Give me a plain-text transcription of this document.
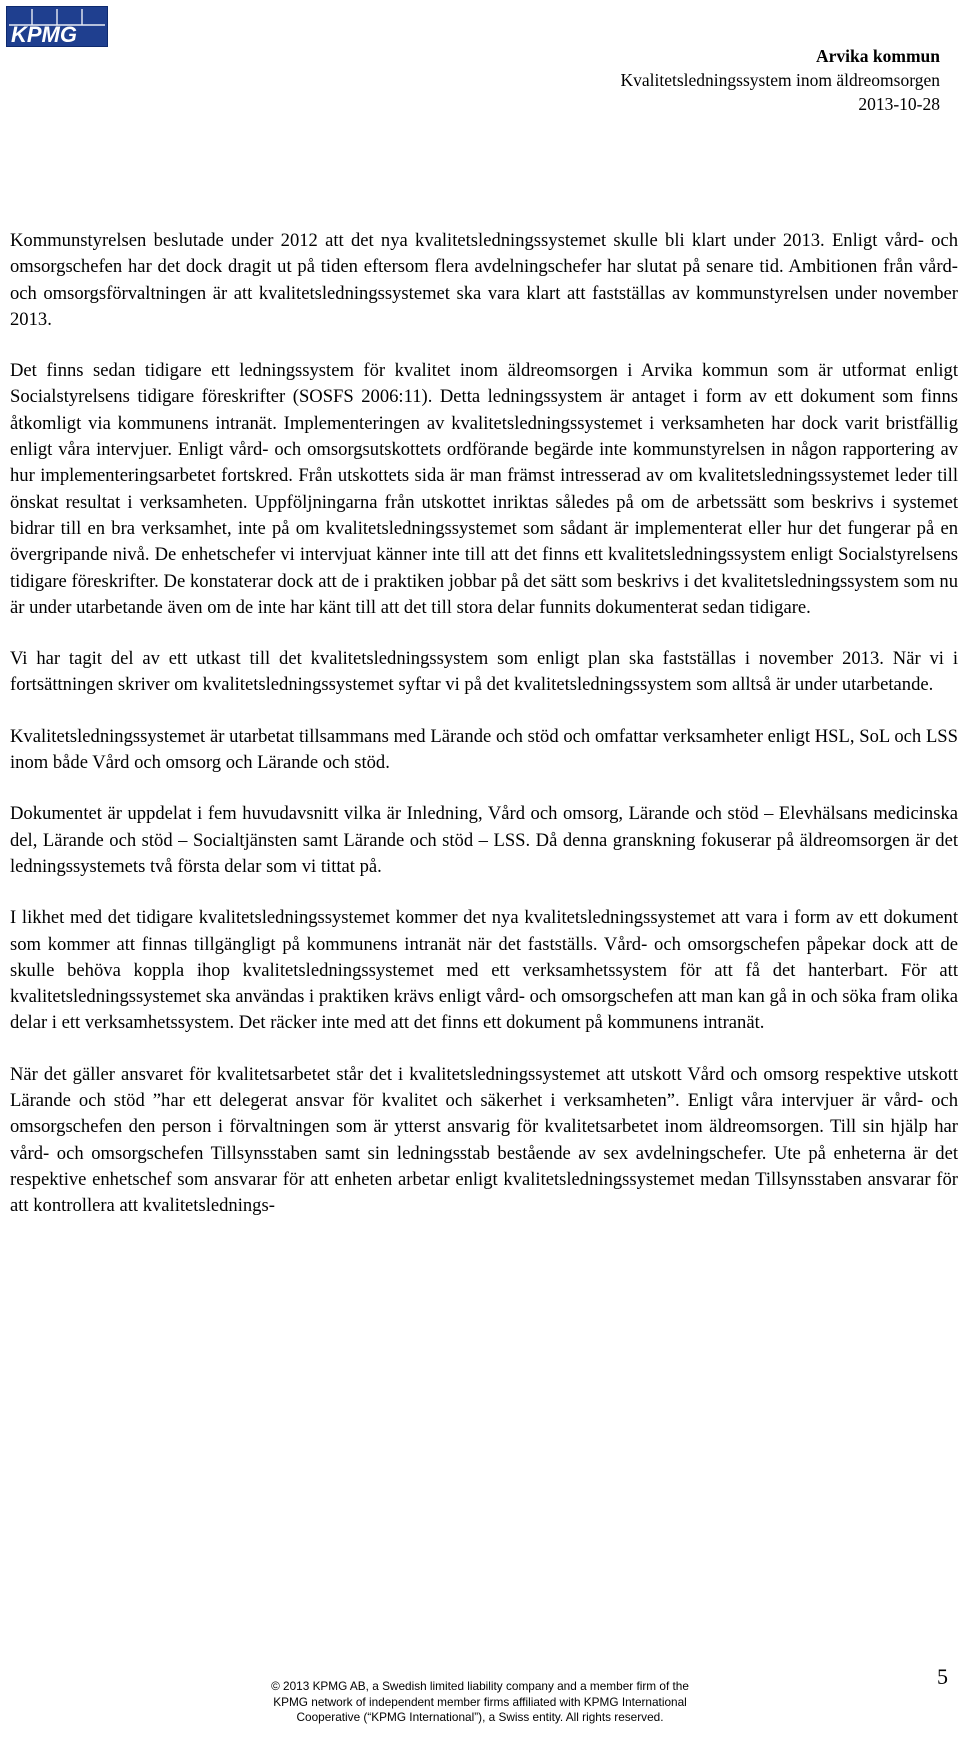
KPMG
Arvika kommun
Kvalitetsledningssystem inom äldreomsorgen
2013-10-28

Kommunstyrelsen beslutade under 2012 att det nya kvalitetsledningssystemet skulle bli klart under 2013. Enligt vård- och omsorgschefen har det dock dragit ut på tiden eftersom flera avdelningschefer har slutat på senare tid. Ambitionen från vård- och omsorgsförvaltningen är att kvalitetsledningssystemet ska vara klart att fastställas av kommunstyrelsen under november 2013.

Det finns sedan tidigare ett ledningssystem för kvalitet inom äldreomsorgen i Arvika kommun som är utformat enligt Socialstyrelsens tidigare föreskrifter (SOSFS 2006:11). Detta ledningssystem är antaget i form av ett dokument som finns åtkomligt via kommunens intranät. Implementeringen av kvalitetsledningssystemet i verksamheten har dock varit bristfällig enligt våra intervjuer. Enligt vård- och omsorgsutskottets ordförande begärde inte kommunstyrelsen in någon rapportering av hur implementeringsarbetet fortskred. Från utskottets sida är man främst intresserad av om kvalitetsledningssystemet leder till önskat resultat i verksamheten. Uppföljningarna från utskottet inriktas således på om de arbetssätt som beskrivs i systemet bidrar till en bra verksamhet, inte på om kvalitetsledningssystemet som sådant är implementerat eller hur det fungerar på en övergripande nivå. De enhetschefer vi intervjuat känner inte till att det finns ett kvalitetsledningssystem enligt Socialstyrelsens tidigare föreskrifter. De konstaterar dock att de i praktiken jobbar på det sätt som beskrivs i det kvalitetsledningssystem som nu är under utarbetande även om de inte har känt till att det till stora delar funnits dokumenterat sedan tidigare.

Vi har tagit del av ett utkast till det kvalitetsledningssystem som enligt plan ska fastställas i november 2013. När vi i fortsättningen skriver om kvalitetsledningssystemet syftar vi på det kvalitetsledningssystem som alltså är under utarbetande.

Kvalitetsledningssystemet är utarbetat tillsammans med Lärande och stöd och omfattar verksamheter enligt HSL, SoL och LSS inom både Vård och omsorg och Lärande och stöd.

Dokumentet är uppdelat i fem huvudavsnitt vilka är Inledning, Vård och omsorg, Lärande och stöd – Elevhälsans medicinska del, Lärande och stöd – Socialtjänsten samt Lärande och stöd – LSS. Då denna granskning fokuserar på äldreomsorgen är det ledningssystemets två första delar som vi tittat på.

I likhet med det tidigare kvalitetsledningssystemet kommer det nya kvalitetsledningssystemet att vara i form av ett dokument som kommer att finnas tillgängligt på kommunens intranät när det fastställs. Vård- och omsorgschefen påpekar dock att de skulle behöva koppla ihop kvalitetsledningssystemet med ett verksamhetssystem för att få det hanterbart. För att kvalitetsledningssystemet ska användas i praktiken krävs enligt vård- och omsorgschefen att man kan gå in och söka fram olika delar i ett verksamhetssystem. Det räcker inte med att det finns ett dokument på kommunens intranät.

När det gäller ansvaret för kvalitetsarbetet står det i kvalitetsledningssystemet att utskott Vård och omsorg respektive utskott Lärande och stöd ”har ett delegerat ansvar för kvalitet och säkerhet i verksamheten”. Enligt våra intervjuer är vård- och omsorgschefen den person i förvaltningen som är ytterst ansvarig för kvalitetsarbetet inom äldreomsorgen. Till sin hjälp har vård- och omsorgschefen Tillsynsstaben samt sin ledningsstab bestående av sex avdelningschefer. Ute på enheterna är det respektive enhetschef som ansvarar för att enheten arbetar enligt kvalitetsledningssystemet medan Tillsynsstaben ansvarar för att kontrollera att kvalitetslednings-

5
© 2013 KPMG AB, a Swedish limited liability company and a member firm of the
KPMG network of independent member firms affiliated with KPMG International
Cooperative (“KPMG International”), a Swiss entity. All rights reserved.
